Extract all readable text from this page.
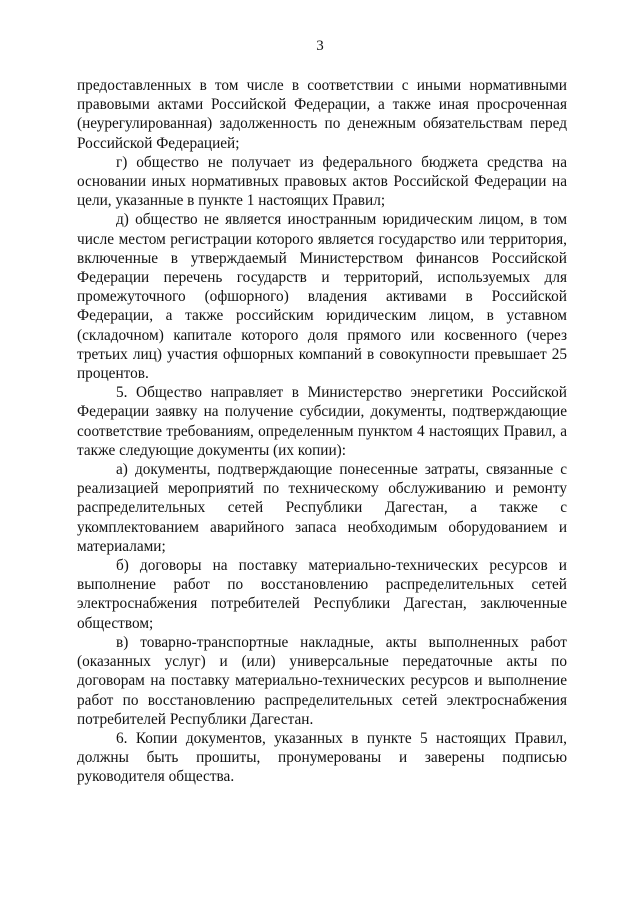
3

предоставленных в том числе в соответствии с иными нормативными правовыми актами Российской Федерации, а также иная просроченная (неурегулированная) задолженность по денежным обязательствам перед Российской Федерацией;

г) общество не получает из федерального бюджета средства на основании иных нормативных правовых актов Российской Федерации на цели, указанные в пункте 1 настоящих Правил;

д) общество не является иностранным юридическим лицом, в том числе местом регистрации которого является государство или территория, включенные в утверждаемый Министерством финансов Российской Федерации перечень государств и территорий, используемых для промежуточного (офшорного) владения активами в Российской Федерации, а также российским юридическим лицом, в уставном (складочном) капитале которого доля прямого или косвенного (через третьих лиц) участия офшорных компаний в совокупности превышает 25 процентов.

5. Общество направляет в Министерство энергетики Российской Федерации заявку на получение субсидии, документы, подтверждающие соответствие требованиям, определенным пунктом 4 настоящих Правил, а также следующие документы (их копии):

а) документы, подтверждающие понесенные затраты, связанные с реализацией мероприятий по техническому обслуживанию и ремонту распределительных сетей Республики Дагестан, а также с укомплектованием аварийного запаса необходимым оборудованием и материалами;

б) договоры на поставку материально-технических ресурсов и выполнение работ по восстановлению распределительных сетей электроснабжения потребителей Республики Дагестан, заключенные обществом;

в) товарно-транспортные накладные, акты выполненных работ (оказанных услуг) и (или) универсальные передаточные акты по договорам на поставку материально-технических ресурсов и выполнение работ по восстановлению распределительных сетей электроснабжения потребителей Республики Дагестан.

6. Копии документов, указанных в пункте 5 настоящих Правил, должны быть прошиты, пронумерованы и заверены подписью руководителя общества.
